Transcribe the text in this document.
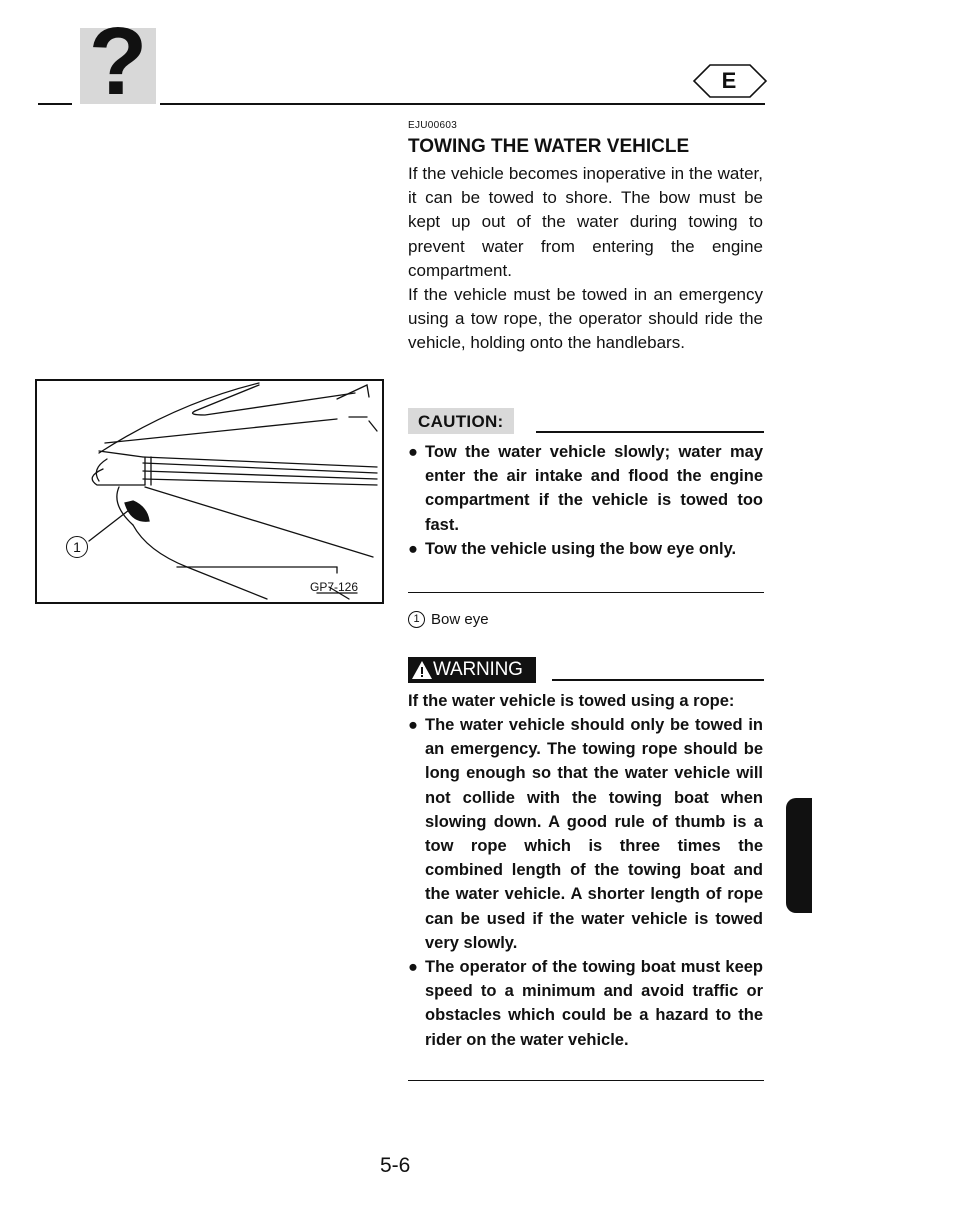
?	E
EJU00603
TOWING THE WATER VEHICLE

If the vehicle becomes inoperative in the water, it can be towed to shore. The bow must be kept up out of the water during towing to prevent water from entering the engine compartment.

If the vehicle must be towed in an emergency using a tow rope, the operator should ride the vehicle, holding onto the handlebars.

CAUTION:
● Tow the water vehicle slowly; water may enter the air intake and flood the engine compartment if the vehicle is towed too fast.
● Tow the vehicle using the bow eye only.
1
GP7-126
1 Bow eye
WARNING

If the water vehicle is towed using a rope:

● The water vehicle should only be towed in an emergency. The towing rope should be long enough so that the water vehicle will not collide with the towing boat when slowing down. A good rule of thumb is a tow rope which is three times the combined length of the towing boat and the water vehicle. A shorter length of rope can be used if the water vehicle is towed very slowly.
● The operator of the towing boat must keep speed to a minimum and avoid traffic or obstacles which could be a hazard to the rider on the water vehicle.
5-6
